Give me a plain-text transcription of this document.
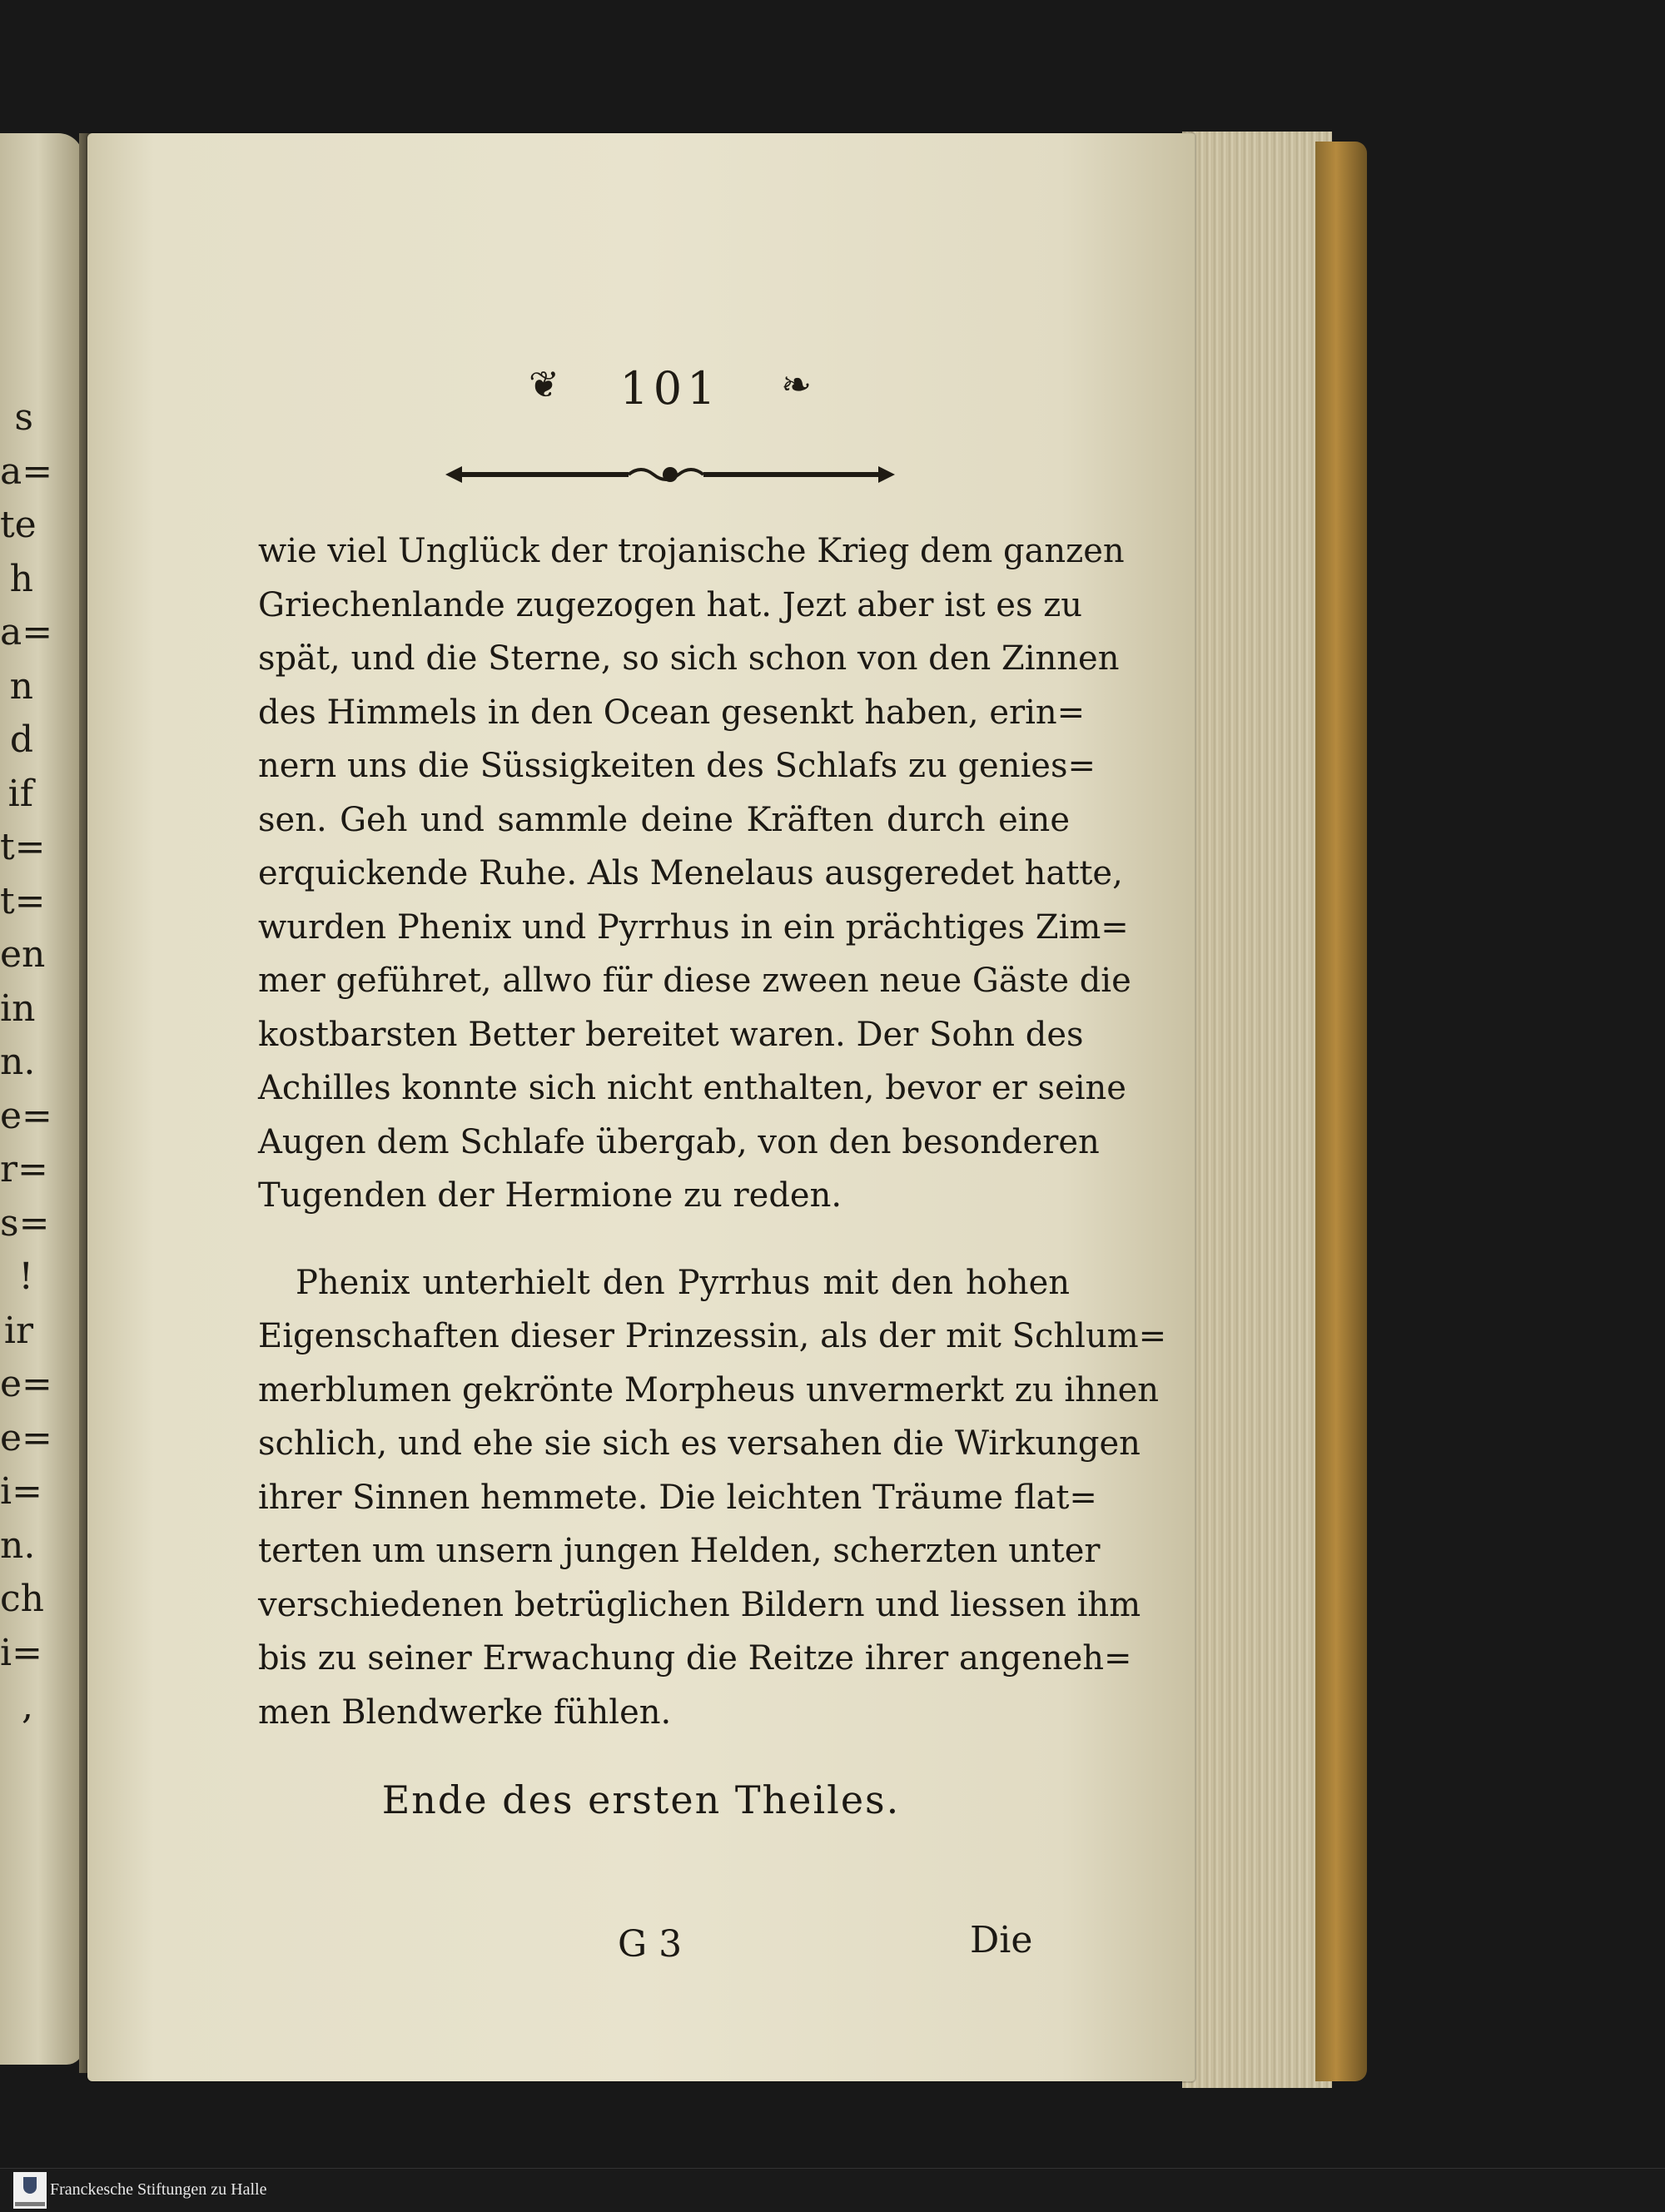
s
a=
te
h
a=
n
d
if
t=
t=
en
in
n.
e=
r=
s=
!
ir
e=
e=
i=
n.
ch
i=
,
❦	101	❧
wie viel Unglück der trojanische Krieg dem ganzen
Griechenlande zugezogen hat. Jezt aber ist es zu
spät, und die Sterne, so sich schon von den Zinnen
des Himmels in den Ocean gesenkt haben, erin=
nern uns die Süssigkeiten des Schlafs zu genies=
sen. Geh und sammle deine Kräften durch eine
erquickende Ruhe. Als Menelaus ausgeredet hatte,
wurden Phenix und Pyrrhus in ein prächtiges Zim=
mer geführet, allwo für diese zween neue Gäste die
kostbarsten Better bereitet waren. Der Sohn des
Achilles konnte sich nicht enthalten, bevor er seine
Augen dem Schlafe übergab, von den besonderen
Tugenden der Hermione zu reden.
Phenix unterhielt den Pyrrhus mit den hohen
Eigenschaften dieser Prinzessin, als der mit Schlum=
merblumen gekrönte Morpheus unvermerkt zu ihnen
schlich, und ehe sie sich es versahen die Wirkungen
ihrer Sinnen hemmete. Die leichten Träume flat=
terten um unsern jungen Helden, scherzten unter
verschiedenen betrüglichen Bildern und liessen ihm
bis zu seiner Erwachung die Reitze ihrer angeneh=
men Blendwerke fühlen.
Ende des ersten Theiles.
G 3	Die
Franckesche Stiftungen zu Halle
